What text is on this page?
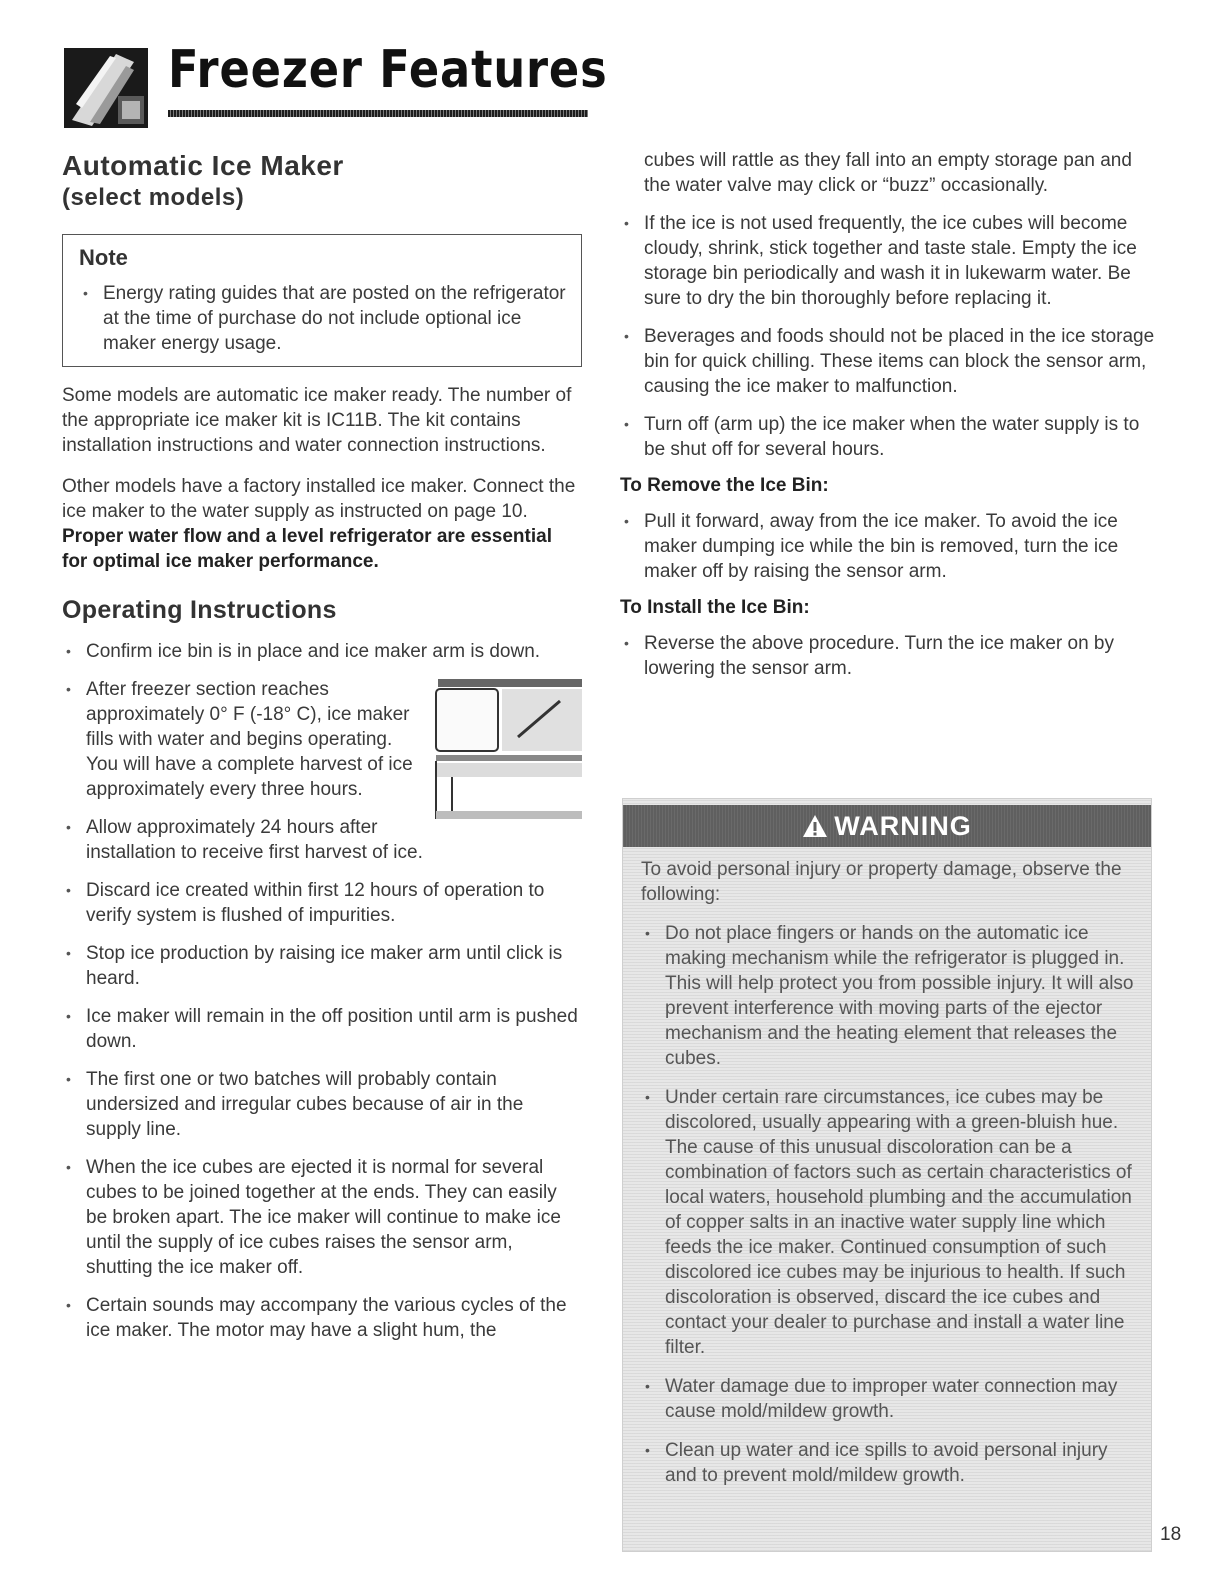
Freezer Features
Automatic Ice Maker
(select models)
Note
• Energy rating guides that are posted on the refrigerator at the time of purchase do not include optional ice maker energy usage.

Some models are automatic ice maker ready. The number of the appropriate ice maker kit is IC11B. The kit contains installation instructions and water connection instructions.

Other models have a factory installed ice maker. Connect the ice maker to the water supply as instructed on page 10. Proper water flow and a level refrigerator are essential for optimal ice maker performance.

Operating Instructions
• Confirm ice bin is in place and ice maker arm is down.
• After freezer section reaches approximately 0° F (-18° C), ice maker fills with water and begins operating. You will have a complete harvest of ice approximately every three hours.
• Allow approximately 24 hours after installation to receive first harvest of ice.
• Discard ice created within first 12 hours of operation to verify system is flushed of impurities.
• Stop ice production by raising ice maker arm until click is heard.
• Ice maker will remain in the off position until arm is pushed down.
• The first one or two batches will probably contain undersized and irregular cubes because of air in the supply line.
• When the ice cubes are ejected it is normal for several cubes to be joined together at the ends. They can easily be broken apart. The ice maker will continue to make ice until the supply of ice cubes raises the sensor arm, shutting the ice maker off.
• Certain sounds may accompany the various cycles of the ice maker. The motor may have a slight hum, the
cubes will rattle as they fall into an empty storage pan and the water valve may click or “buzz” occasionally.
• If the ice is not used frequently, the ice cubes will become cloudy, shrink, stick together and taste stale. Empty the ice storage bin periodically and wash it in lukewarm water. Be sure to dry the bin thoroughly before replacing it.
• Beverages and foods should not be placed in the ice storage bin for quick chilling. These items can block the sensor arm, causing the ice maker to malfunction.
• Turn off (arm up) the ice maker when the water supply is to be shut off for several hours.
To Remove the Ice Bin:
• Pull it forward, away from the ice maker. To avoid the ice maker dumping ice while the bin is removed, turn the ice maker off by raising the sensor arm.
To Install the Ice Bin:
• Reverse the above procedure. Turn the ice maker on by lowering the sensor arm.
WARNING

To avoid personal injury or property damage, observe the following:

• Do not place fingers or hands on the automatic ice making mechanism while the refrigerator is plugged in. This will help protect you from possible injury. It will also prevent interference with moving parts of the ejector mechanism and the heating element that releases the cubes.
• Under certain rare circumstances, ice cubes may be discolored, usually appearing with a green-bluish hue. The cause of this unusual discoloration can be a combination of factors such as certain characteristics of local waters, household plumbing and the accumulation of copper salts in an inactive water supply line which feeds the ice maker. Continued consumption of such discolored ice cubes may be injurious to health. If such discoloration is observed, discard the ice cubes and contact your dealer to purchase and install a water line filter.
• Water damage due to improper water connection may cause mold/mildew growth.
• Clean up water and ice spills to avoid personal injury and to prevent mold/mildew growth.
18
